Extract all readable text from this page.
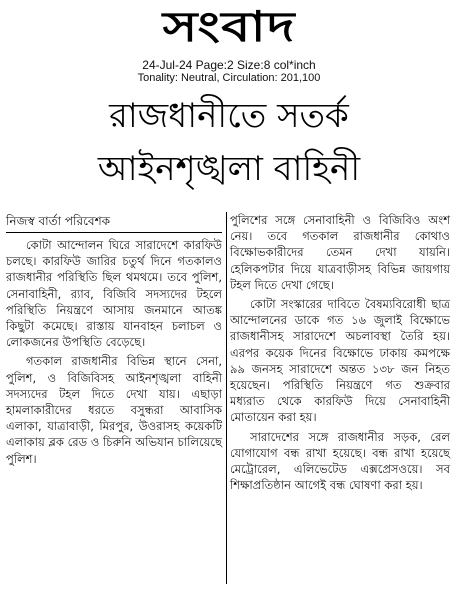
সংবাদ
24-Jul-24 Page:2 Size:8 col*inch
Tonality: Neutral, Circulation: 201,100
রাজধানীতে সতর্ক
আইনশৃঙ্খলা বাহিনী

নিজস্ব বার্তা পরিবেশক

কোটা আন্দোলন ঘিরে সারাদেশে কারফিউ চলছে। কারফিউ জারির চতুর্থ দিনে গতকালও রাজধানীর পরিস্থিতি ছিল থমথমে। তবে পুলিশ, সেনাবাহিনী, র‍্যাব, বিজিবি সদস্যদের টহলে পরিস্থিতি নিয়ন্ত্রণে আসায় জনমানে আতঙ্ক কিছুটা কমেছে। রাস্তায় যানবাহন চলাচল ও লোকজনের উপস্থিতি বেড়েছে।

গতকাল রাজধানীর বিভিন্ন স্থানে সেনা, পুলিশ, ও বিজিবিসহ আইনশৃঙ্খলা বাহিনী সদস্যদের টহল দিতে দেখা যায়। এছাড়া হামলাকারীদের ধরতে বসুন্ধরা আবাসিক এলাকা, যাত্রাবাড়ী, মিরপুর, উওরাসহ কয়েকটি এলাকায় ব্লক রেড ও চিরুনি অভিযান চালিয়েছে পুলিশ।

পুলিশের সঙ্গে সেনাবাহিনী ও বিজিবিও অংশ নেয়। তবে গতকাল রাজধানীর কোথাও বিক্ষোভকারীদের তেমন দেখা যায়নি। হেলিকপটার দিয়ে যাত্রবাড়ীসহ বিভিন্ন জায়গায় টহল দিতে দেখা গেছে।

কোটা সংস্কারের দাবিতে বৈষম্যবিরোধী ছাত্র আন্দোলনের ডাকে গত ১৬ জুলাই বিক্ষোভে রাজধানীসহ সারাদেশে অচলাবস্থা তৈরি হয়। এরপর কয়েক দিনের বিক্ষোভে ঢাকায় কমপক্ষে ৯৯ জনসহ সারাদেশে অন্তত ১৩৮ জন নিহত হয়েছেন। পরিস্থিতি নিয়ন্ত্রণে গত শুক্রবার মধ্যরাত থেকে কারফিউ দিয়ে সেনাবাহিনী মোতায়েন করা হয়।

সারাদেশের সঙ্গে রাজধানীর সড়ক, রেল যোগাযোগ বন্ধ রাখা হয়েছে। বন্ধ রাখা হয়েছে মেট্রোরেল, এলিভেটেড এক্সপ্রেসওয়ে। সব শিক্ষাপ্রতিষ্ঠান আগেই বন্ধ ঘোষণা করা হয়।
